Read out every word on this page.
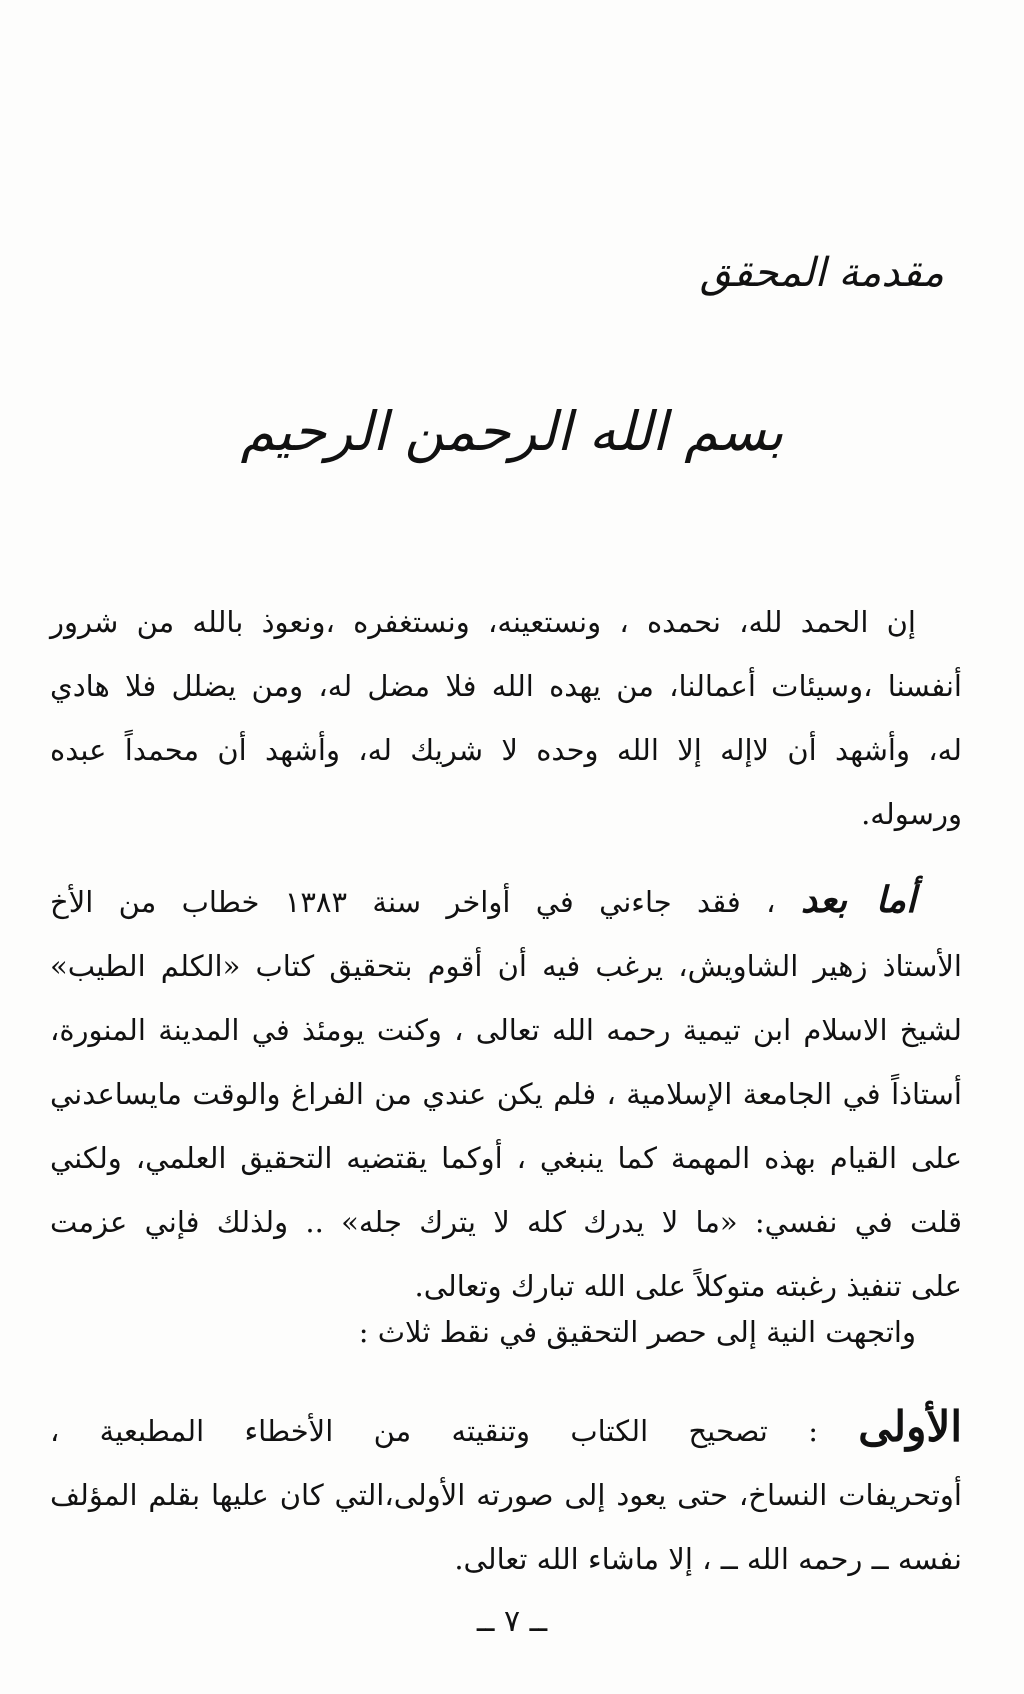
مقدمة المحقق
بسم الله الرحمن الرحيم
إن الحمد لله، نحمده ، ونستعينه، ونستغفره ،ونعوذ بالله من شرور
أنفسنا ،وسيئات أعمالنا، من يهده الله فلا مضل له، ومن يضلل فلا هادي
له، وأشهد أن لاإله إلا الله وحده لا شريك له، وأشهد أن محمداً عبده
ورسوله.
أما بعد ، فقد جاءني في أواخر سنة ١٣٨٣ خطاب من الأخ
الأستاذ زهير الشاويش، يرغب فيه أن أقوم بتحقيق كتاب «الكلم الطيب»
لشيخ الاسلام ابن تيمية رحمه الله تعالى ، وكنت يومئذ في المدينة المنورة،
أستاذاً في الجامعة الإسلامية ، فلم يكن عندي من الفراغ والوقت مايساعدني
على القيام بهذه المهمة كما ينبغي ، أوكما يقتضيه التحقيق العلمي، ولكني
قلت في نفسي: «ما لا يدرك كله لا يترك جله» .. ولذلك فإني عزمت
على تنفيذ رغبته متوكلاً على الله تبارك وتعالى.
واتجهت النية إلى حصر التحقيق في نقط ثلاث :
الأولى : تصحيح الكتاب وتنقيته من الأخطاء المطبعية ،
أوتحريفات النساخ، حتى يعود إلى صورته الأولى،التي كان عليها بقلم المؤلف
نفسه ــ رحمه الله ــ ، إلا ماشاء الله تعالى.
ــ ٧ ــ
